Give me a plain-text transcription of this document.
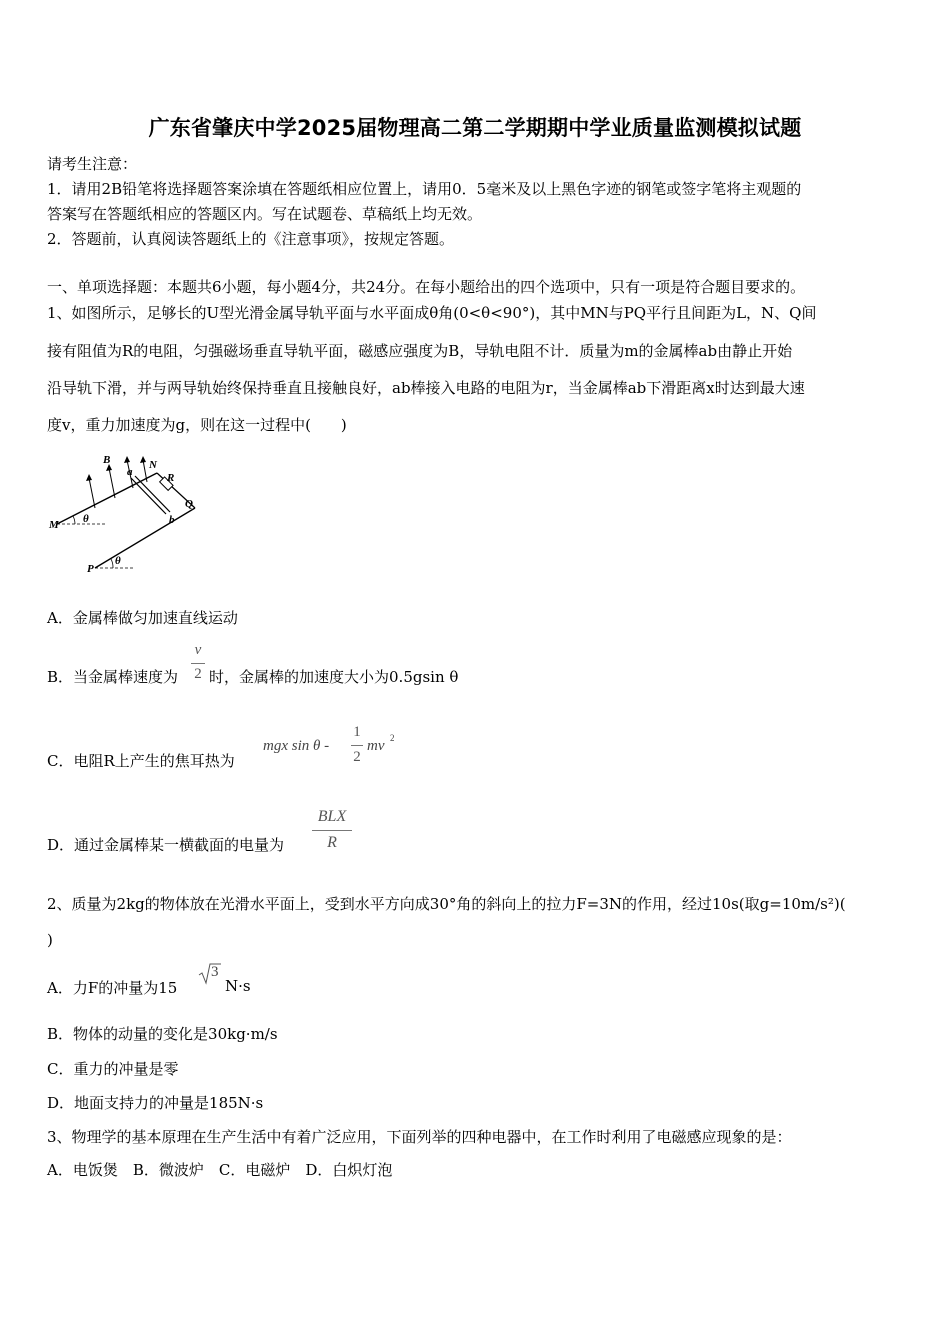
广东省肇庆中学2025届物理高二第二学期期中学业质量监测模拟试题
请考生注意：
1．请用2B铅笔将选择题答案涂填在答题纸相应位置上，请用0．5毫米及以上黑色字迹的钢笔或签字笔将主观题的
答案写在答题纸相应的答题区内。写在试题卷、草稿纸上均无效。
2．答题前，认真阅读答题纸上的《注意事项》，按规定答题。
一、单项选择题：本题共6小题，每小题4分，共24分。在每小题给出的四个选项中，只有一项是符合题目要求的。
1、如图所示，足够长的U型光滑金属导轨平面与水平面成θ角(0<θ<90°)，其中MN与PQ平行且间距为L，N、Q间
接有阻值为R的电阻，匀强磁场垂直导轨平面，磁感应强度为B，导轨电阻不计．质量为m的金属棒ab由静止开始
沿导轨下滑，并与两导轨始终保持垂直且接触良好，ab棒接入电路的电阻为r，当金属棒ab下滑距离x时达到最大速
度v，重力加速度为g，则在这一过程中(　　)
B
a
N
R
Q
b
M
P
θ
θ
A．金属棒做匀加速直线运动
B．当金属棒速度为
v
2 时，金属棒的加速度大小为0.5gsin θ
C．电阻R上产生的焦耳热为
mgx sin θ -
1
2
mv 2
D．通过金属棒某一横截面的电量为
BLX
R
2、质量为2kg的物体放在光滑水平面上，受到水平方向成30°角的斜向上的拉力F=3N的作用，经过10s(取g=10m/s²)(
)
A．力F的冲量为15
3
N·s
B．物体的动量的变化是30kg·m/s
C．重力的冲量是零
D．地面支持力的冲量是185N·s
3、物理学的基本原理在生产生活中有着广泛应用，下面列举的四种电器中，在工作时利用了电磁感应现象的是：
A．电饭煲　B．微波炉　C．电磁炉　D．白炽灯泡
